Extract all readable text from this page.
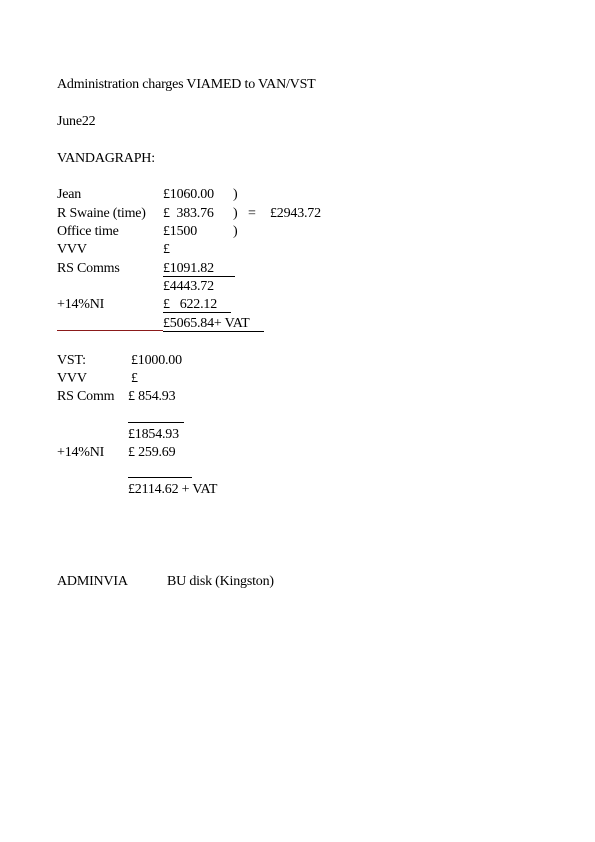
Administration charges VIAMED to VAN/VST
June22
VANDAGRAPH:
Jean	£1060.00 )
R Swaine (time) £  383.76 ) = £2943.72
Office time	£1500	)
VVV	£
RS Comms	£1091.82
£4443.72
+14%NI	£   622.12
£5065.84+ VAT
VST:	£1000.00
VVV	£
RS Comm £ 854.93
£1854.93
+14%NI £ 259.69
£2114.62 + VAT
ADMINVIA	BU disk (Kingston)
